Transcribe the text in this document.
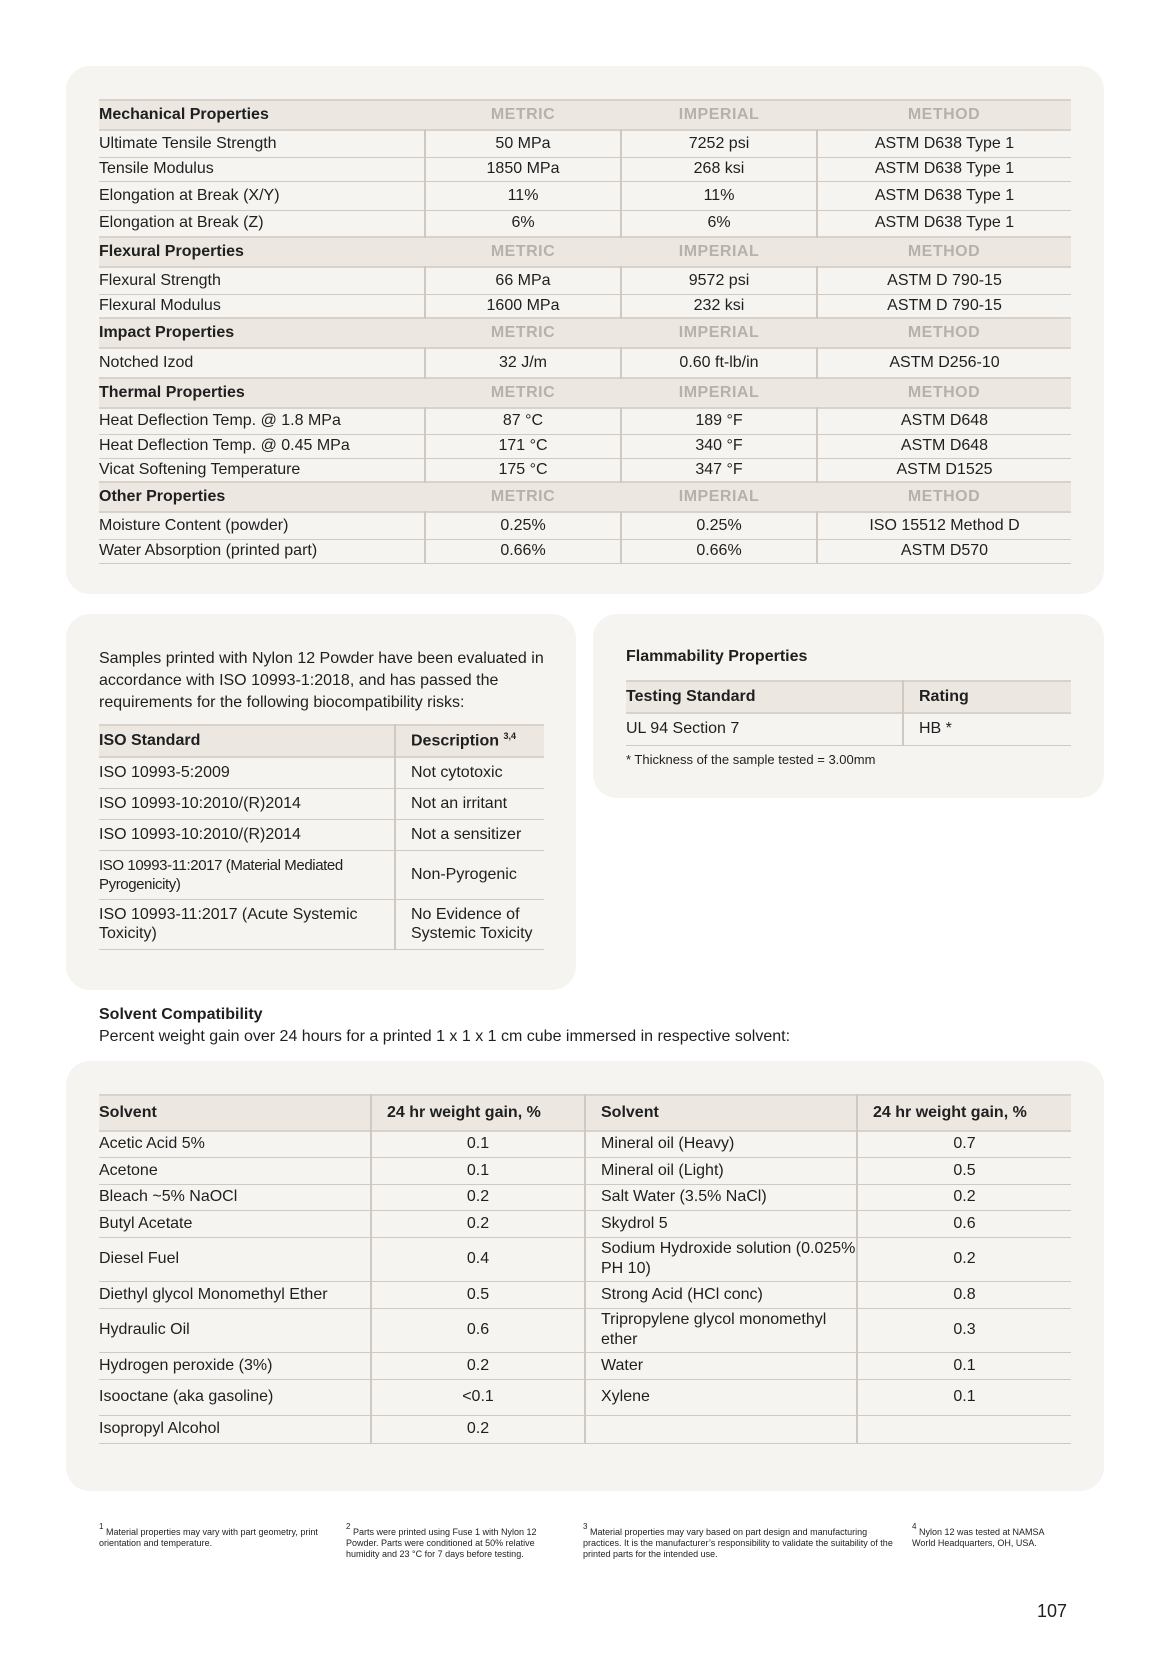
Mechanical Properties	METRIC	IMPERIAL	METHOD
Ultimate Tensile Strength	50 MPa	7252 psi	ASTM D638 Type 1
Tensile Modulus	1850 MPa	268 ksi	ASTM D638 Type 1
Elongation at Break (X/Y)	11%	11%	ASTM D638 Type 1
Elongation at Break (Z)	6%	6%	ASTM D638 Type 1
Flexural Properties	METRIC	IMPERIAL	METHOD
Flexural Strength	66 MPa	9572 psi	ASTM D 790-15
Flexural Modulus	1600 MPa	232 ksi	ASTM D 790-15
Impact Properties	METRIC	IMPERIAL	METHOD
Notched Izod	32 J/m	0.60 ft-lb/in	ASTM D256-10
Thermal Properties	METRIC	IMPERIAL	METHOD
Heat Deflection Temp. @ 1.8 MPa	87 °C	189 °F	ASTM D648
Heat Deflection Temp. @ 0.45 MPa	171 °C	340 °F	ASTM D648
Vicat Softening Temperature	175 °C	347 °F	ASTM D1525
Other Properties	METRIC	IMPERIAL	METHOD
Moisture Content (powder)	0.25%	0.25%	ISO 15512 Method D
Water Absorption (printed part)	0.66%	0.66%	ASTM D570
Samples printed with Nylon 12 Powder have been evaluated in accordance with ISO 10993-1:2018, and has passed the requirements for the following biocompatibility risks:
ISO Standard	Description $^{3,4}$
ISO 10993-5:2009	Not cytotoxic
ISO 10993-10:2010/(R)2014	Not an irritant
ISO 10993-10:2010/(R)2014	Not a sensitizer
ISO 10993-11:2017 (Material Mediated Pyrogenicity)	Non-Pyrogenic
ISO 10993-11:2017 (Acute Systemic Toxicity)	No Evidence of Systemic Toxicity
Flammability Properties
Testing Standard	Rating
UL 94 Section 7	HB *
* Thickness of the sample tested = 3.00mm
Solvent Compatibility
Percent weight gain over 24 hours for a printed 1 x 1 x 1 cm cube immersed in respective solvent:
Solvent	24 hr weight gain, %	Solvent	24 hr weight gain, %
Acetic Acid 5%	0.1	Mineral oil (Heavy)	0.7
Acetone	0.1	Mineral oil (Light)	0.5
Bleach ~5% NaOCl	0.2	Salt Water (3.5% NaCl)	0.2
Butyl Acetate	0.2	Skydrol 5	0.6
Diesel Fuel	0.4	Sodium Hydroxide solution (0.025% PH 10)	0.2
Diethyl glycol Monomethyl Ether	0.5	Strong Acid (HCl conc)	0.8
Hydraulic Oil	0.6	Tripropylene glycol monomethyl ether	0.3
Hydrogen peroxide (3%)	0.2	Water	0.1
Isooctane (aka gasoline)	<0.1	Xylene	0.1
Isopropyl Alcohol	0.2		
$^1$ Material properties may vary with part geometry, print orientation and temperature.
$^2$ Parts were printed using Fuse 1 with Nylon 12 Powder. Parts were conditioned at 50% relative humidity and 23 °C for 7 days before testing.
$^3$ Material properties may vary based on part design and manufacturing practices. It is the manufacturer’s responsibility to validate the suitability of the printed parts for the intended use.
$^4$ Nylon 12 was tested at NAMSA World Headquarters, OH, USA.
107
